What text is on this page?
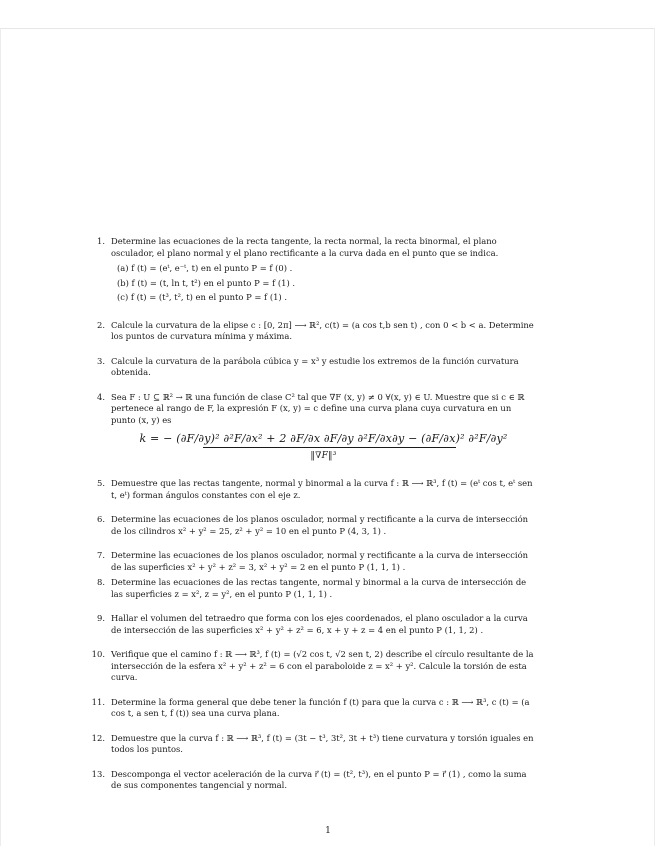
1. Determine las ecuaciones de la recta tangente, la recta normal, la recta binormal, el plano osculador, el plano normal y el plano rectificante a la curva dada en el punto que se indica.
(a) f (t) = (eᵗ, e⁻ᵗ, t) en el punto P = f (0) .
(b) f (t) = (t, ln t, t²) en el punto P = f (1) .
(c) f (t) = (t³, t², t) en el punto P = f (1) .
2. Calcule la curvatura de la elipse c : [0, 2π] ⟶ ℝ², c(t) = (a cos t,b sen t) , con 0 < b < a. Determine los puntos de curvatura mínima y máxima.
3. Calcule la curvatura de la parábola cúbica y = x³ y estudie los extremos de la función curvatura obtenida.
4. Sea F : U ⊆ ℝ² → ℝ una función de clase C² tal que ∇F (x, y) ≠ 0 ∀(x, y) ∈ U. Muestre que si c ∈ ℝ pertenece al rango de F, la expresión F (x, y) = c define una curva plana cuya curvatura en un punto (x, y) es
k = − (∂F/∂y)² ∂²F/∂x² + 2 ∂F/∂x ∂F/∂y ∂²F/∂x∂y − (∂F/∂x)² ∂²F/∂y²
‖∇F‖³
5. Demuestre que las rectas tangente, normal y binormal a la curva f : ℝ ⟶ ℝ³, f (t) = (eᵗ cos t, eᵗ sen t, eᵗ) forman ángulos constantes con el eje z.
6. Determine las ecuaciones de los planos osculador, normal y rectificante a la curva de intersección de los cilindros x² + y² = 25, z² + y² = 10 en el punto P (4, 3, 1) .
7. Determine las ecuaciones de los planos osculador, normal y rectificante a la curva de intersección de las superficies x² + y² + z² = 3, x² + y² = 2 en el punto P (1, 1, 1) .
8. Determine las ecuaciones de las rectas tangente, normal y binormal a la curva de intersección de las superficies z = x², z = y², en el punto P (1, 1, 1) .
9. Hallar el volumen del tetraedro que forma con los ejes coordenados, el plano osculador a la curva de intersección de las superficies x² + y² + z² = 6, x + y + z = 4 en el punto P (1, 1, 2) .
10. Verifique que el camino f : ℝ ⟶ ℝ³, f (t) = (√2 cos t, √2 sen t, 2) describe el círculo resultante de la intersección de la esfera x² + y² + z² = 6 con el paraboloide z = x² + y². Calcule la torsión de esta curva.
11. Determine la forma general que debe tener la función f (t) para que la curva c : ℝ ⟶ ℝ³, c (t) = (a cos t, a sen t, f (t)) sea una curva plana.
12. Demuestre que la curva f : ℝ ⟶ ℝ³, f (t) = (3t − t³, 3t², 3t + t³) tiene curvatura y torsión iguales en todos los puntos.
13. Descomponga el vector aceleración de la curva r⃗ (t) = (t², t³), en el punto P = r⃗ (1) , como la suma de sus componentes tangencial y normal.
1
